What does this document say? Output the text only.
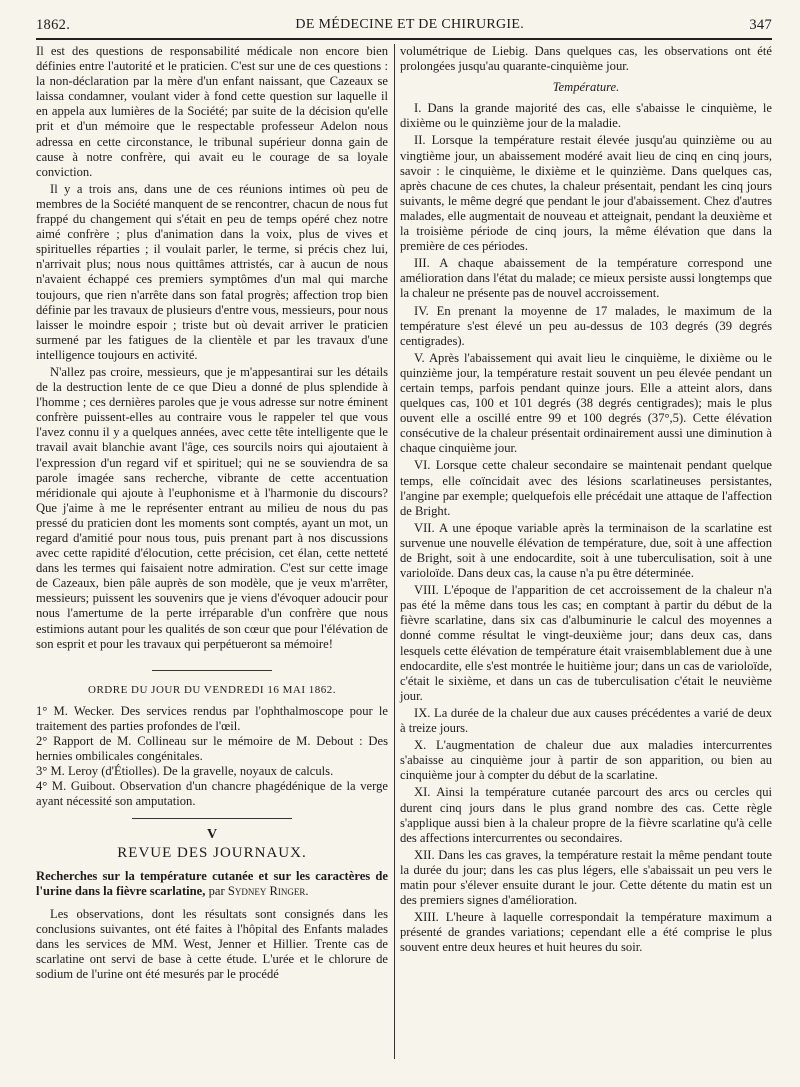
1862.	DE MÉDECINE ET DE CHIRURGIE.	347

Il est des questions de responsabilité médicale non encore bien définies entre l'autorité et le praticien. C'est sur une de ces questions : la non-déclaration par la mère d'un enfant naissant, que Cazeaux se laissa condamner, voulant vider à fond cette question sur laquelle il en appela aux lumières de la Société; par suite de la décision qu'elle prit et d'un mémoire que le respectable professeur Adelon nous adressa en cette circonstance, le tribunal supérieur donna gain de cause à notre confrère, qui avait eu le courage de sa loyale conviction.

Il y a trois ans, dans une de ces réunions intimes où peu de membres de la Société manquent de se rencontrer, chacun de nous fut frappé du changement qui s'était en peu de temps opéré chez notre aimé confrère ; plus d'animation dans la voix, plus de vives et spirituelles réparties ; il voulait parler, le terme, si précis chez lui, n'arrivait plus; nous nous quittâmes attristés, car à aucun de nous n'avaient échappé ces premiers symptômes d'un mal qui marche toujours, que rien n'arrête dans son fatal progrès; affection trop bien définie par les travaux de plusieurs d'entre vous, messieurs, pour nous laisser le moindre espoir ; triste but où devait arriver le praticien surmené par les fatigues de la clientèle et par les travaux d'une intelligence toujours en activité.

N'allez pas croire, messieurs, que je m'appesantirai sur les détails de la destruction lente de ce que Dieu a donné de plus splendide à l'homme ; ces dernières paroles que je vous adresse sur notre éminent confrère puissent-elles au contraire vous le rappeler tel que vous l'avez connu il y a quelques années, avec cette tête intelligente que le travail avait blanchie avant l'âge, ces sourcils noirs qui ajoutaient à l'expression d'un regard vif et spirituel; qui ne se souviendra de sa parole imagée sans recherche, vibrante de cette accentuation méridionale qui ajoute à l'euphonisme et à l'harmonie du discours? Que j'aime à me le représenter entrant au milieu de nous du pas pressé du praticien dont les moments sont comptés, ayant un mot, un regard d'amitié pour nous tous, puis prenant part à nos discussions avec cette rapidité d'élocution, cette précision, cet élan, cette netteté dans les termes qui faisaient notre admiration. C'est sur cette image de Cazeaux, bien pâle auprès de son modèle, que je veux m'arrêter, messieurs; puissent les souvenirs que je viens d'évoquer adoucir pour nous l'amertume de la perte irréparable d'un confrère que nous estimions autant pour les qualités de son cœur que pour l'élévation de son esprit et pour les travaux qui perpétueront sa mémoire!

ORDRE DU JOUR DU VENDREDI 16 MAI 1862.

1° M. Wecker. Des services rendus par l'ophthalmoscope pour le traitement des parties profondes de l'œil.

2° Rapport de M. Collineau sur le mémoire de M. Debout : Des hernies ombilicales congénitales.

3° M. Leroy (d'Étiolles). De la gravelle, noyaux de calculs.

4° M. Guibout. Observation d'un chancre phagédénique de la verge ayant nécessité son amputation.

V
REVUE DES JOURNAUX.

Recherches sur la température cutanée et sur les caractères de l'urine dans la fièvre scarlatine, par Sydney Ringer.

Les observations, dont les résultats sont consignés dans les conclusions suivantes, ont été faites à l'hôpital des Enfants malades dans les services de MM. West, Jenner et Hillier. Trente cas de scarlatine ont servi de base à cette étude. L'urée et le chlorure de sodium de l'urine ont été mesurés par le procédé

volumétrique de Liebig. Dans quelques cas, les observations ont été prolongées jusqu'au quarante-cinquième jour.

Température.

I. Dans la grande majorité des cas, elle s'abaisse le cinquième, le dixième ou le quinzième jour de la maladie.

II. Lorsque la température restait élevée jusqu'au quinzième ou au vingtième jour, un abaissement modéré avait lieu de cinq en cinq jours, savoir : le cinquième, le dixième et le quinzième. Dans quelques cas, après chacune de ces chutes, la chaleur présentait, pendant les cinq jours suivants, le même degré que pendant le jour d'abaissement. Chez d'autres malades, elle augmentait de nouveau et atteignait, pendant la deuxième et la troisième période de cinq jours, la même élévation que dans la première de ces périodes.

III. A chaque abaissement de la température correspond une amélioration dans l'état du malade; ce mieux persiste aussi longtemps que la chaleur ne présente pas de nouvel accroissement.

IV. En prenant la moyenne de 17 malades, le maximum de la température s'est élevé un peu au-dessus de 103 degrés (39 degrés centigrades).

V. Après l'abaissement qui avait lieu le cinquième, le dixième ou le quinzième jour, la température restait souvent un peu élevée pendant un certain temps, parfois pendant quinze jours. Elle a atteint alors, dans quelques cas, 100 et 101 degrés (38 degrés centigrades); mais le plus ouvent elle a oscillé entre 99 et 100 degrés (37°,5). Cette élévation consécutive de la chaleur présentait ordinairement aussi une diminution à chaque cinquième jour.

VI. Lorsque cette chaleur secondaire se maintenait pendant quelque temps, elle coïncidait avec des lésions scarlatineuses persistantes, l'angine par exemple; quelquefois elle précédait une attaque de l'affection de Bright.

VII. A une époque variable après la terminaison de la scarlatine est survenue une nouvelle élévation de température, due, soit à une affection de Bright, soit à une endocardite, soit à une tuberculisation, soit à une varioloïde. Dans deux cas, la cause n'a pu être déterminée.

VIII. L'époque de l'apparition de cet accroissement de la chaleur n'a pas été la même dans tous les cas; en comptant à partir du début de la fièvre scarlatine, dans six cas d'albuminurie le calcul des moyennes a donné comme résultat le vingt-deuxième jour; dans deux cas, dans lesquels cette élévation de température était vraisemblablement due à une endocardite, elle s'est montrée le huitième jour; dans un cas de varioloïde, c'était le sixième, et dans un cas de tuberculisation c'était le neuvième jour.

IX. La durée de la chaleur due aux causes précédentes a varié de deux à treize jours.

X. L'augmentation de chaleur due aux maladies intercurrentes s'abaisse au cinquième jour à partir de son apparition, ou bien au cinquième jour à compter du début de la scarlatine.

XI. Ainsi la température cutanée parcourt des arcs ou cercles qui durent cinq jours dans le plus grand nombre des cas. Cette règle s'applique aussi bien à la chaleur propre de la fièvre scarlatine qu'à celle des affections intercurrentes ou secondaires.

XII. Dans les cas graves, la température restait la même pendant toute la durée du jour; dans les cas plus légers, elle s'abaissait un peu vers le matin pour s'élever ensuite durant le jour. Cette détente du matin est un des premiers signes d'amélioration.

XIII. L'heure à laquelle correspondait la température maximum a présenté de grandes variations; cependant elle a été comprise le plus souvent entre deux heures et huit heures du soir.
